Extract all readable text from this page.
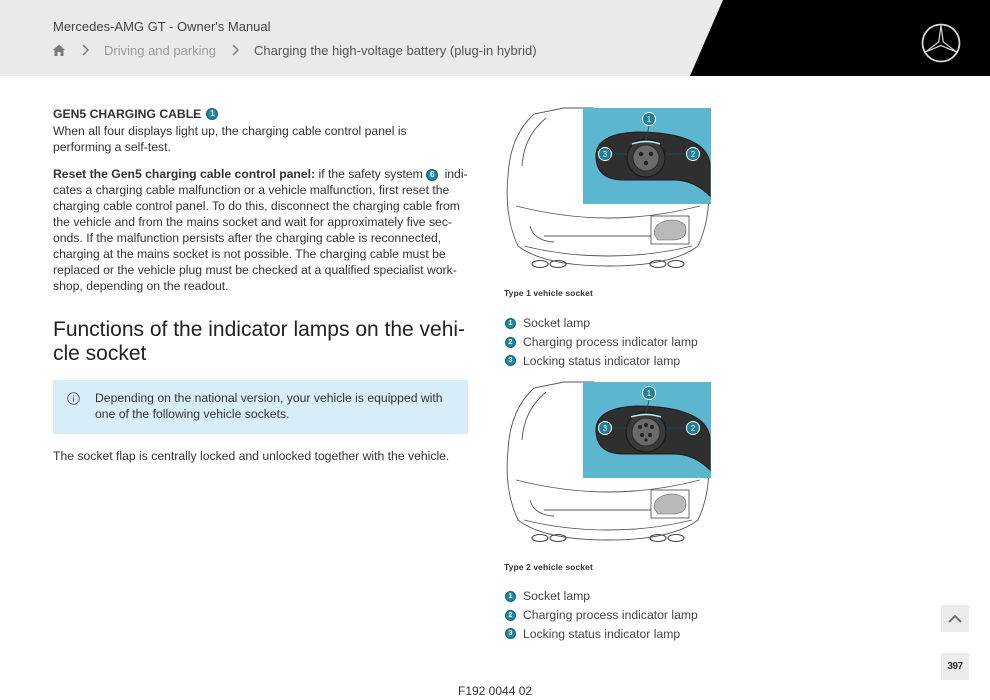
Mercedes-AMG GT - Owner's Manual
Driving and parking	Charging the high-voltage battery (plug-in hybrid)
GEN5 CHARGING CABLE	1
When all four displays light up, the charging cable control panel is performing a self-test.
Reset the Gen5 charging cable control panel: if the safety system 6 indi-cates a charging cable malfunction or a vehicle malfunction, first reset the charging cable control panel. To do this, disconnect the charging cable from the vehicle and from the mains socket and wait for approximately five sec-onds. If the malfunction persists after the charging cable is reconnected, charging at the mains socket is not possible. The charging cable must be replaced or the vehicle plug must be checked at a qualified specialist work-shop, depending on the readout.
Functions of the indicator lamps on the vehi-cle socket
Depending on the national version, your vehicle is equipped with one of the following vehicle sockets.
The socket flap is centrally locked and unlocked together with the vehicle.
1
3	2
Type 1 vehicle socket
1 Socket lamp
2 Charging process indicator lamp
3 Locking status indicator lamp
1
3	2
Type 2 vehicle socket
1 Socket lamp
2 Charging process indicator lamp
3 Locking status indicator lamp
F192 0044 02
397
